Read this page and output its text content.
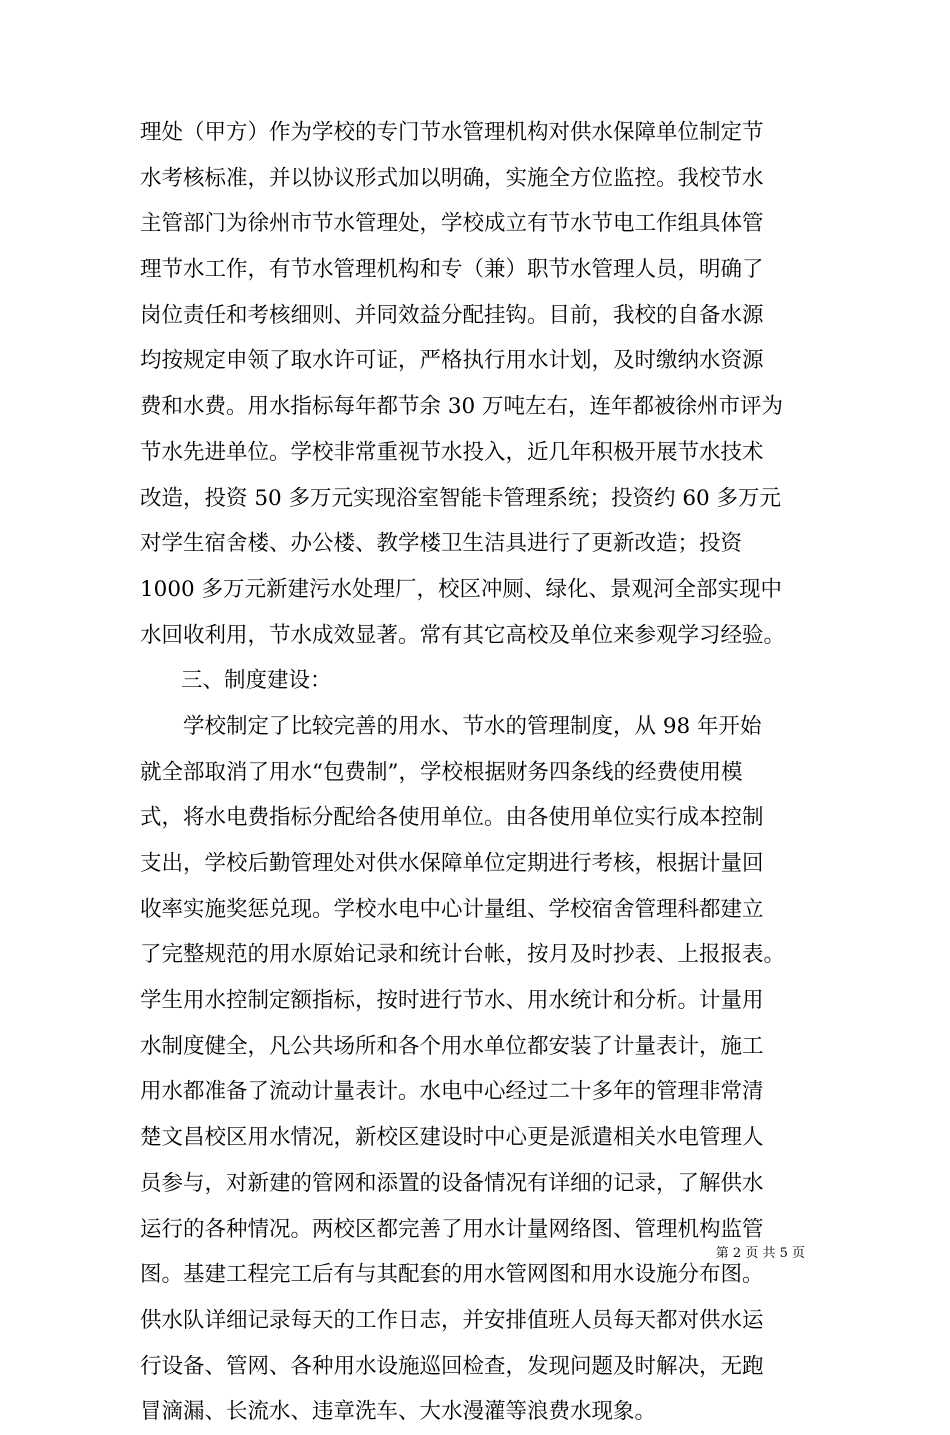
理处（甲方）作为学校的专门节水管理机构对供水保障单位制定节
水考核标准，并以协议形式加以明确，实施全方位监控。我校节水
主管部门为徐州市节水管理处，学校成立有节水节电工作组具体管
理节水工作，有节水管理机构和专（兼）职节水管理人员，明确了
岗位责任和考核细则、并同效益分配挂钩。目前，我校的自备水源
均按规定申领了取水许可证，严格执行用水计划，及时缴纳水资源
费和水费。用水指标每年都节余 30 万吨左右，连年都被徐州市评为
节水先进单位。学校非常重视节水投入，近几年积极开展节水技术
改造，投资 50 多万元实现浴室智能卡管理系统；投资约 60 多万元
对学生宿舍楼、办公楼、教学楼卫生洁具进行了更新改造；投资
1000 多万元新建污水处理厂，校区冲厕、绿化、景观河全部实现中
水回收利用，节水成效显著。常有其它高校及单位来参观学习经验。
三、制度建设：
学校制定了比较完善的用水、节水的管理制度，从 98 年开始
就全部取消了用水“包费制”，学校根据财务四条线的经费使用模
式，将水电费指标分配给各使用单位。由各使用单位实行成本控制
支出，学校后勤管理处对供水保障单位定期进行考核，根据计量回
收率实施奖惩兑现。学校水电中心计量组、学校宿舍管理科都建立
了完整规范的用水原始记录和统计台帐，按月及时抄表、上报报表。
学生用水控制定额指标，按时进行节水、用水统计和分析。计量用
水制度健全，凡公共场所和各个用水单位都安装了计量表计，施工
用水都准备了流动计量表计。水电中心经过二十多年的管理非常清
楚文昌校区用水情况，新校区建设时中心更是派遣相关水电管理人
员参与，对新建的管网和添置的设备情况有详细的记录，了解供水
运行的各种情况。两校区都完善了用水计量网络图、管理机构监管
图。基建工程完工后有与其配套的用水管网图和用水设施分布图。
供水队详细记录每天的工作日志，并安排值班人员每天都对供水运
行设备、管网、各种用水设施巡回检查，发现问题及时解决，无跑
冒滴漏、长流水、违章洗车、大水漫灌等浪费水现象。
第 2 页 共 5 页
